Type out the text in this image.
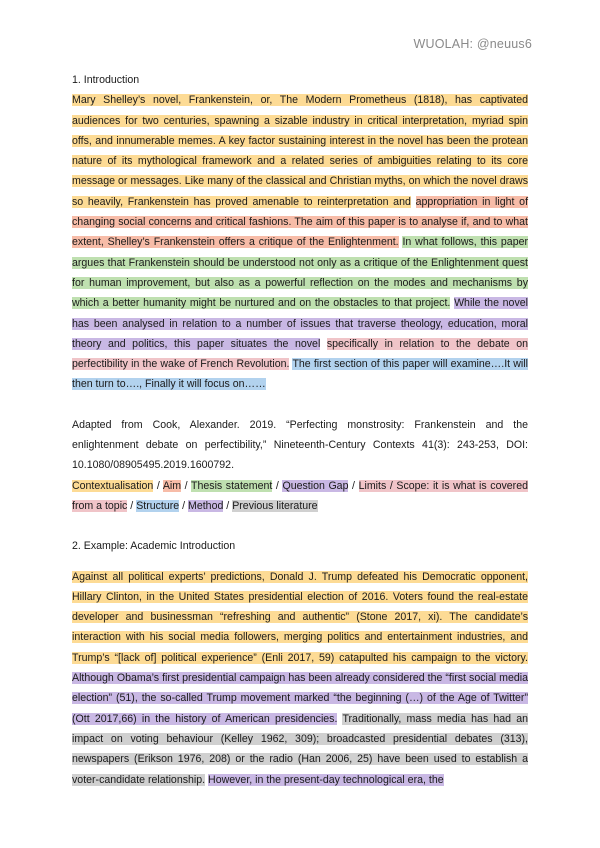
WUOLAH: @neuus6

1. Introduction

Mary Shelley’s novel, Frankenstein, or, The Modern Prometheus (1818), has captivated audiences for two centuries, spawning a sizable industry in critical interpretation, myriad spin offs, and innumerable memes. A key factor sustaining interest in the novel has been the protean nature of its mythological framework and a related series of ambiguities relating to its core message or messages. Like many of the classical and Christian myths, on which the novel draws so heavily, Frankenstein has proved amenable to reinterpretation and appropriation in light of changing social concerns and critical fashions. The aim of this paper is to analyse if, and to what extent, Shelley’s Frankenstein offers a critique of the Enlightenment. In what follows, this paper argues that Frankenstein should be understood not only as a critique of the Enlightenment quest for human improvement, but also as a powerful reflection on the modes and mechanisms by which a better humanity might be nurtured and on the obstacles to that project. While the novel has been analysed in relation to a number of issues that traverse theology, education, moral theory and politics, this paper situates the novel specifically in relation to the debate on perfectibility in the wake of French Revolution. The first section of this paper will examine….It will then turn to…., Finally it will focus on……

Adapted from Cook, Alexander. 2019. “Perfecting monstrosity: Frankenstein and the enlightenment debate on perfectibility,” Nineteenth-Century Contexts 41(3): 243-253, DOI: 10.1080/08905495.2019.1600792.

Contextualisation / Aim / Thesis statement / Question Gap / Limits / Scope: it is what is covered from a topic / Structure / Method / Previous literature

2. Example: Academic Introduction

Against all political experts’ predictions, Donald J. Trump defeated his Democratic opponent, Hillary Clinton, in the United States presidential election of 2016. Voters found the real-estate developer and businessman “refreshing and authentic” (Stone 2017, xi). The candidate’s interaction with his social media followers, merging politics and entertainment industries, and Trump’s “[lack of] political experience” (Enli 2017, 59) catapulted his campaign to the victory. Although Obama’s first presidential campaign has been already considered the “first social media election” (51), the so-called Trump movement marked “the beginning (…) of the Age of Twitter” (Ott 2017,66) in the history of American presidencies. Traditionally, mass media has had an impact on voting behaviour (Kelley 1962, 309); broadcasted presidential debates (313), newspapers (Erikson 1976, 208) or the radio (Han 2006, 25) have been used to establish a voter-candidate relationship. However, in the present-day technological era, the
